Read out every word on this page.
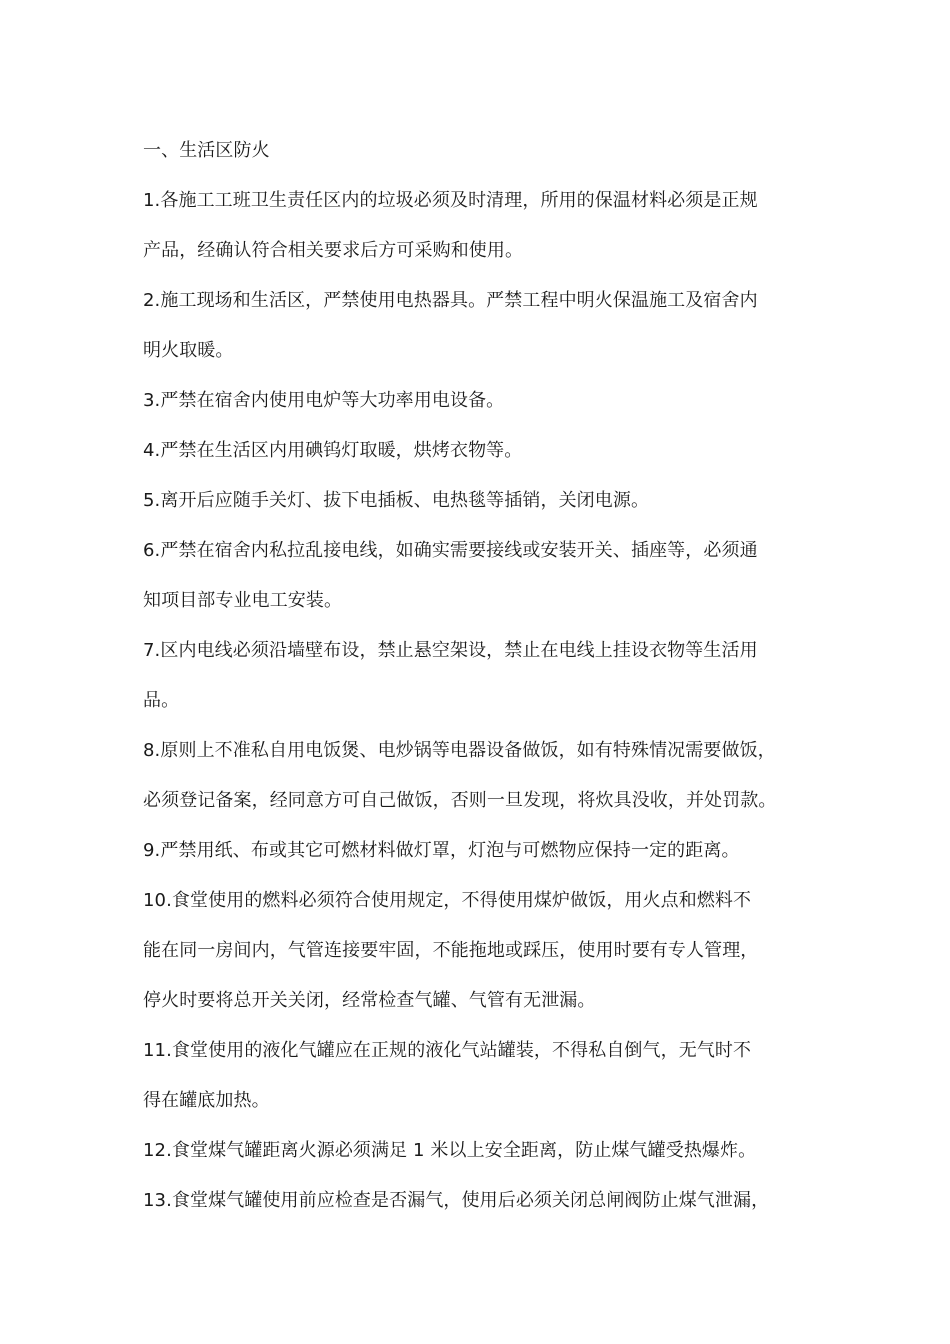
一、生活区防火
1.各施工工班卫生责任区内的垃圾必须及时清理，所用的保温材料必须是正规
产品，经确认符合相关要求后方可采购和使用。
2.施工现场和生活区，严禁使用电热器具。严禁工程中明火保温施工及宿舍内
明火取暖。
3.严禁在宿舍内使用电炉等大功率用电设备。
4.严禁在生活区内用碘钨灯取暖，烘烤衣物等。
5.离开后应随手关灯、拔下电插板、电热毯等插销，关闭电源。
6.严禁在宿舍内私拉乱接电线，如确实需要接线或安装开关、插座等，必须通
知项目部专业电工安装。
7.区内电线必须沿墙壁布设，禁止悬空架设，禁止在电线上挂设衣物等生活用
品。
8.原则上不准私自用电饭煲、电炒锅等电器设备做饭，如有特殊情况需要做饭，
必须登记备案，经同意方可自己做饭，否则一旦发现，将炊具没收，并处罚款。
9.严禁用纸、布或其它可燃材料做灯罩，灯泡与可燃物应保持一定的距离。
10.食堂使用的燃料必须符合使用规定，不得使用煤炉做饭，用火点和燃料不
能在同一房间内，气管连接要牢固，不能拖地或踩压，使用时要有专人管理，
停火时要将总开关关闭，经常检查气罐、气管有无泄漏。
11.食堂使用的液化气罐应在正规的液化气站罐装，不得私自倒气，无气时不
得在罐底加热。
12.食堂煤气罐距离火源必须满足 1 米以上安全距离，防止煤气罐受热爆炸。
13.食堂煤气罐使用前应检查是否漏气，使用后必须关闭总闸阀防止煤气泄漏，
